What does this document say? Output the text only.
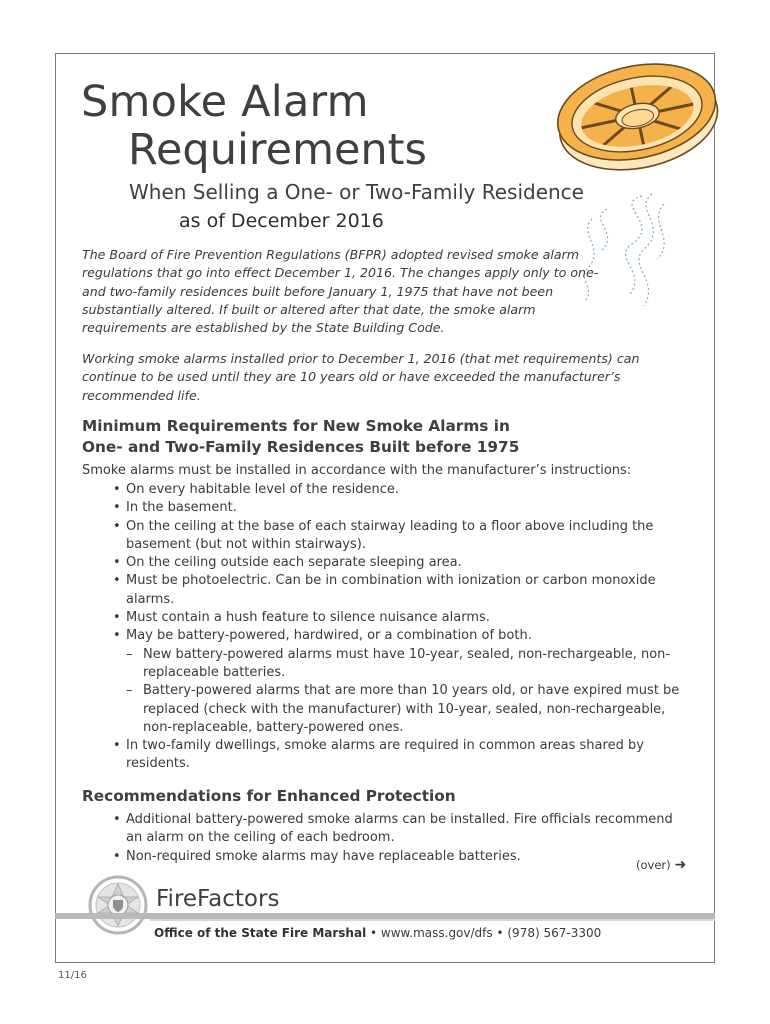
Smoke Alarm
Requirements
When Selling a One- or Two-Family Residence
as of December 2016

The Board of Fire Prevention Regulations (BFPR) adopted revised smoke alarm regulations that go into effect December 1, 2016. The changes apply only to one- and two-family residences built before January 1, 1975 that have not been substantially altered. If built or altered after that date, the smoke alarm requirements are established by the State Building Code.

Working smoke alarms installed prior to December 1, 2016 (that met requirements) can continue to be used until they are 10 years old or have exceeded the manufacturer’s recommended life.

Minimum Requirements for New Smoke Alarms in
One- and Two-Family Residences Built before 1975

Smoke alarms must be installed in accordance with the manufacturer’s instructions:

• On every habitable level of the residence.
• In the basement.
• On the ceiling at the base of each stairway leading to a floor above including the basement (but not within stairways).
• On the ceiling outside each separate sleeping area.
• Must be photoelectric. Can be in combination with ionization or carbon monoxide alarms.
• Must contain a hush feature to silence nuisance alarms.
• May be battery-powered, hardwired, or a combination of both.
– New battery-powered alarms must have 10-year, sealed, non-rechargeable, non-replaceable batteries.
– Battery-powered alarms that are more than 10 years old, or have expired must be replaced (check with the manufacturer) with 10-year, sealed, non-rechargeable, non-replaceable, battery-powered ones.
• In two-family dwellings, smoke alarms are required in common areas shared by residents.
Recommendations for Enhanced Protection
• Additional battery-powered smoke alarms can be installed. Fire officials recommend an alarm on the ceiling of each bedroom.
• Non-required smoke alarms may have replaceable batteries.
(over) ➜
FireFactors
Office of the State Fire Marshal • www.mass.gov/dfs • (978) 567-3300
11/16
